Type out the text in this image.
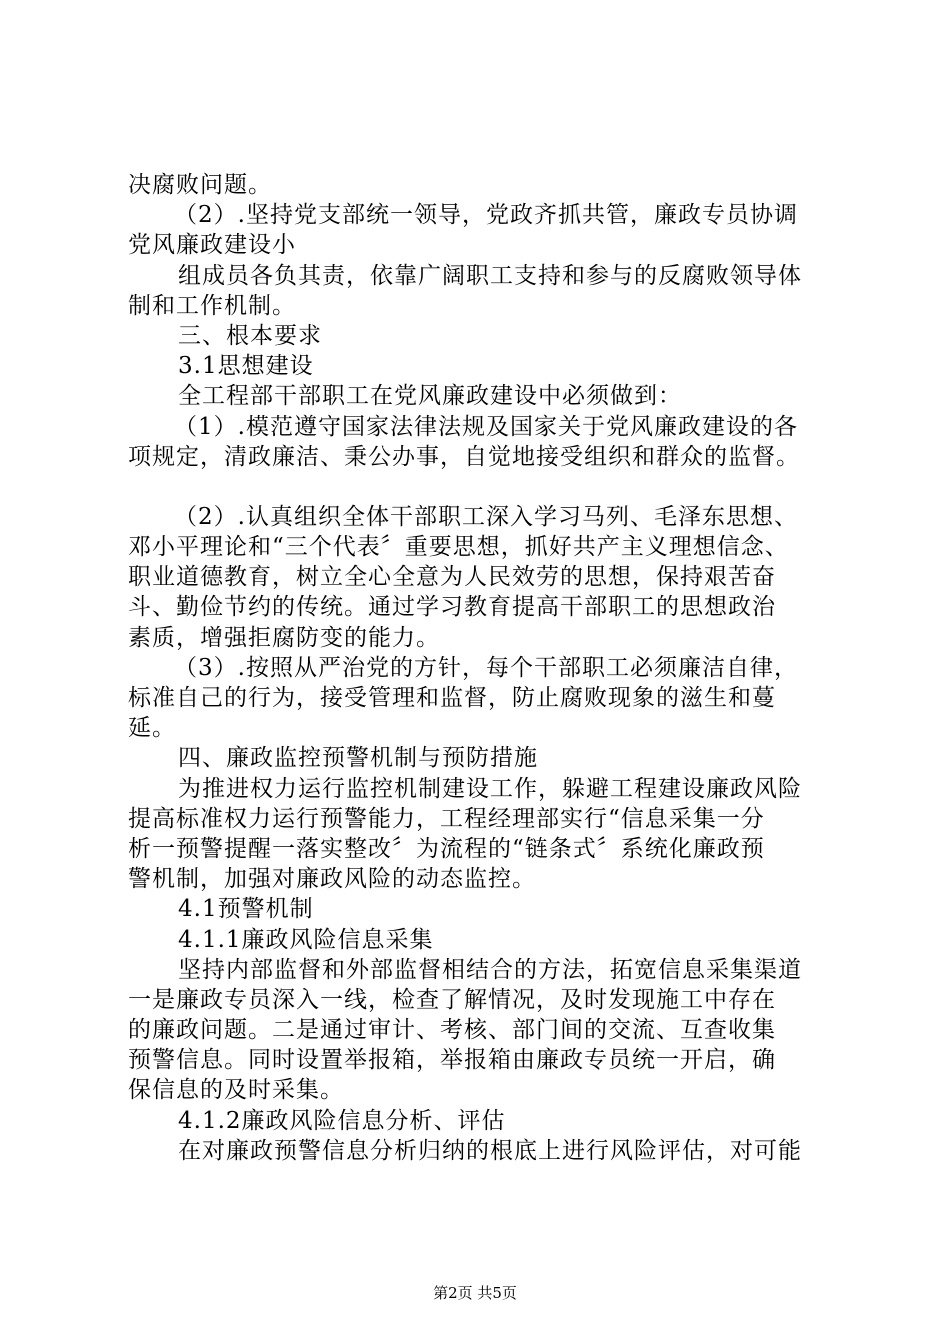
决腐败问题。
（2）.坚持党支部统一领导，党政齐抓共管，廉政专员协调
党风廉政建设小
组成员各负其责，依靠广阔职工支持和参与的反腐败领导体
制和工作机制。
三、根本要求
3.1思想建设
全工程部干部职工在党风廉政建设中必须做到：
（1）.模范遵守国家法律法规及国家关于党风廉政建设的各
项规定，清政廉洁、秉公办事，自觉地接受组织和群众的监督。
（2）.认真组织全体干部职工深入学习马列、毛泽东思想、
邓小平理论和“三个代表〞重要思想，抓好共产主义理想信念、
职业道德教育，树立全心全意为人民效劳的思想，保持艰苦奋
斗、勤俭节约的传统。通过学习教育提高干部职工的思想政治
素质，增强拒腐防变的能力。
（3）.按照从严治党的方针，每个干部职工必须廉洁自律，
标准自己的行为，接受管理和监督，防止腐败现象的滋生和蔓
延。
四、廉政监控预警机制与预防措施
为推进权力运行监控机制建设工作，躲避工程建设廉政风险
提高标准权力运行预警能力，工程经理部实行“信息采集一分
析一预警提醒一落实整改〞为流程的“链条式〞系统化廉政预
警机制，加强对廉政风险的动态监控。
4.1预警机制
4.1.1廉政风险信息采集
坚持内部监督和外部监督相结合的方法，拓宽信息采集渠道
一是廉政专员深入一线，检查了解情况，及时发现施工中存在
的廉政问题。二是通过审计、考核、部门间的交流、互查收集
预警信息。同时设置举报箱，举报箱由廉政专员统一开启，确
保信息的及时采集。
4.1.2廉政风险信息分析、评估
在对廉政预警信息分析归纳的根底上进行风险评估，对可能
第2页 共5页
